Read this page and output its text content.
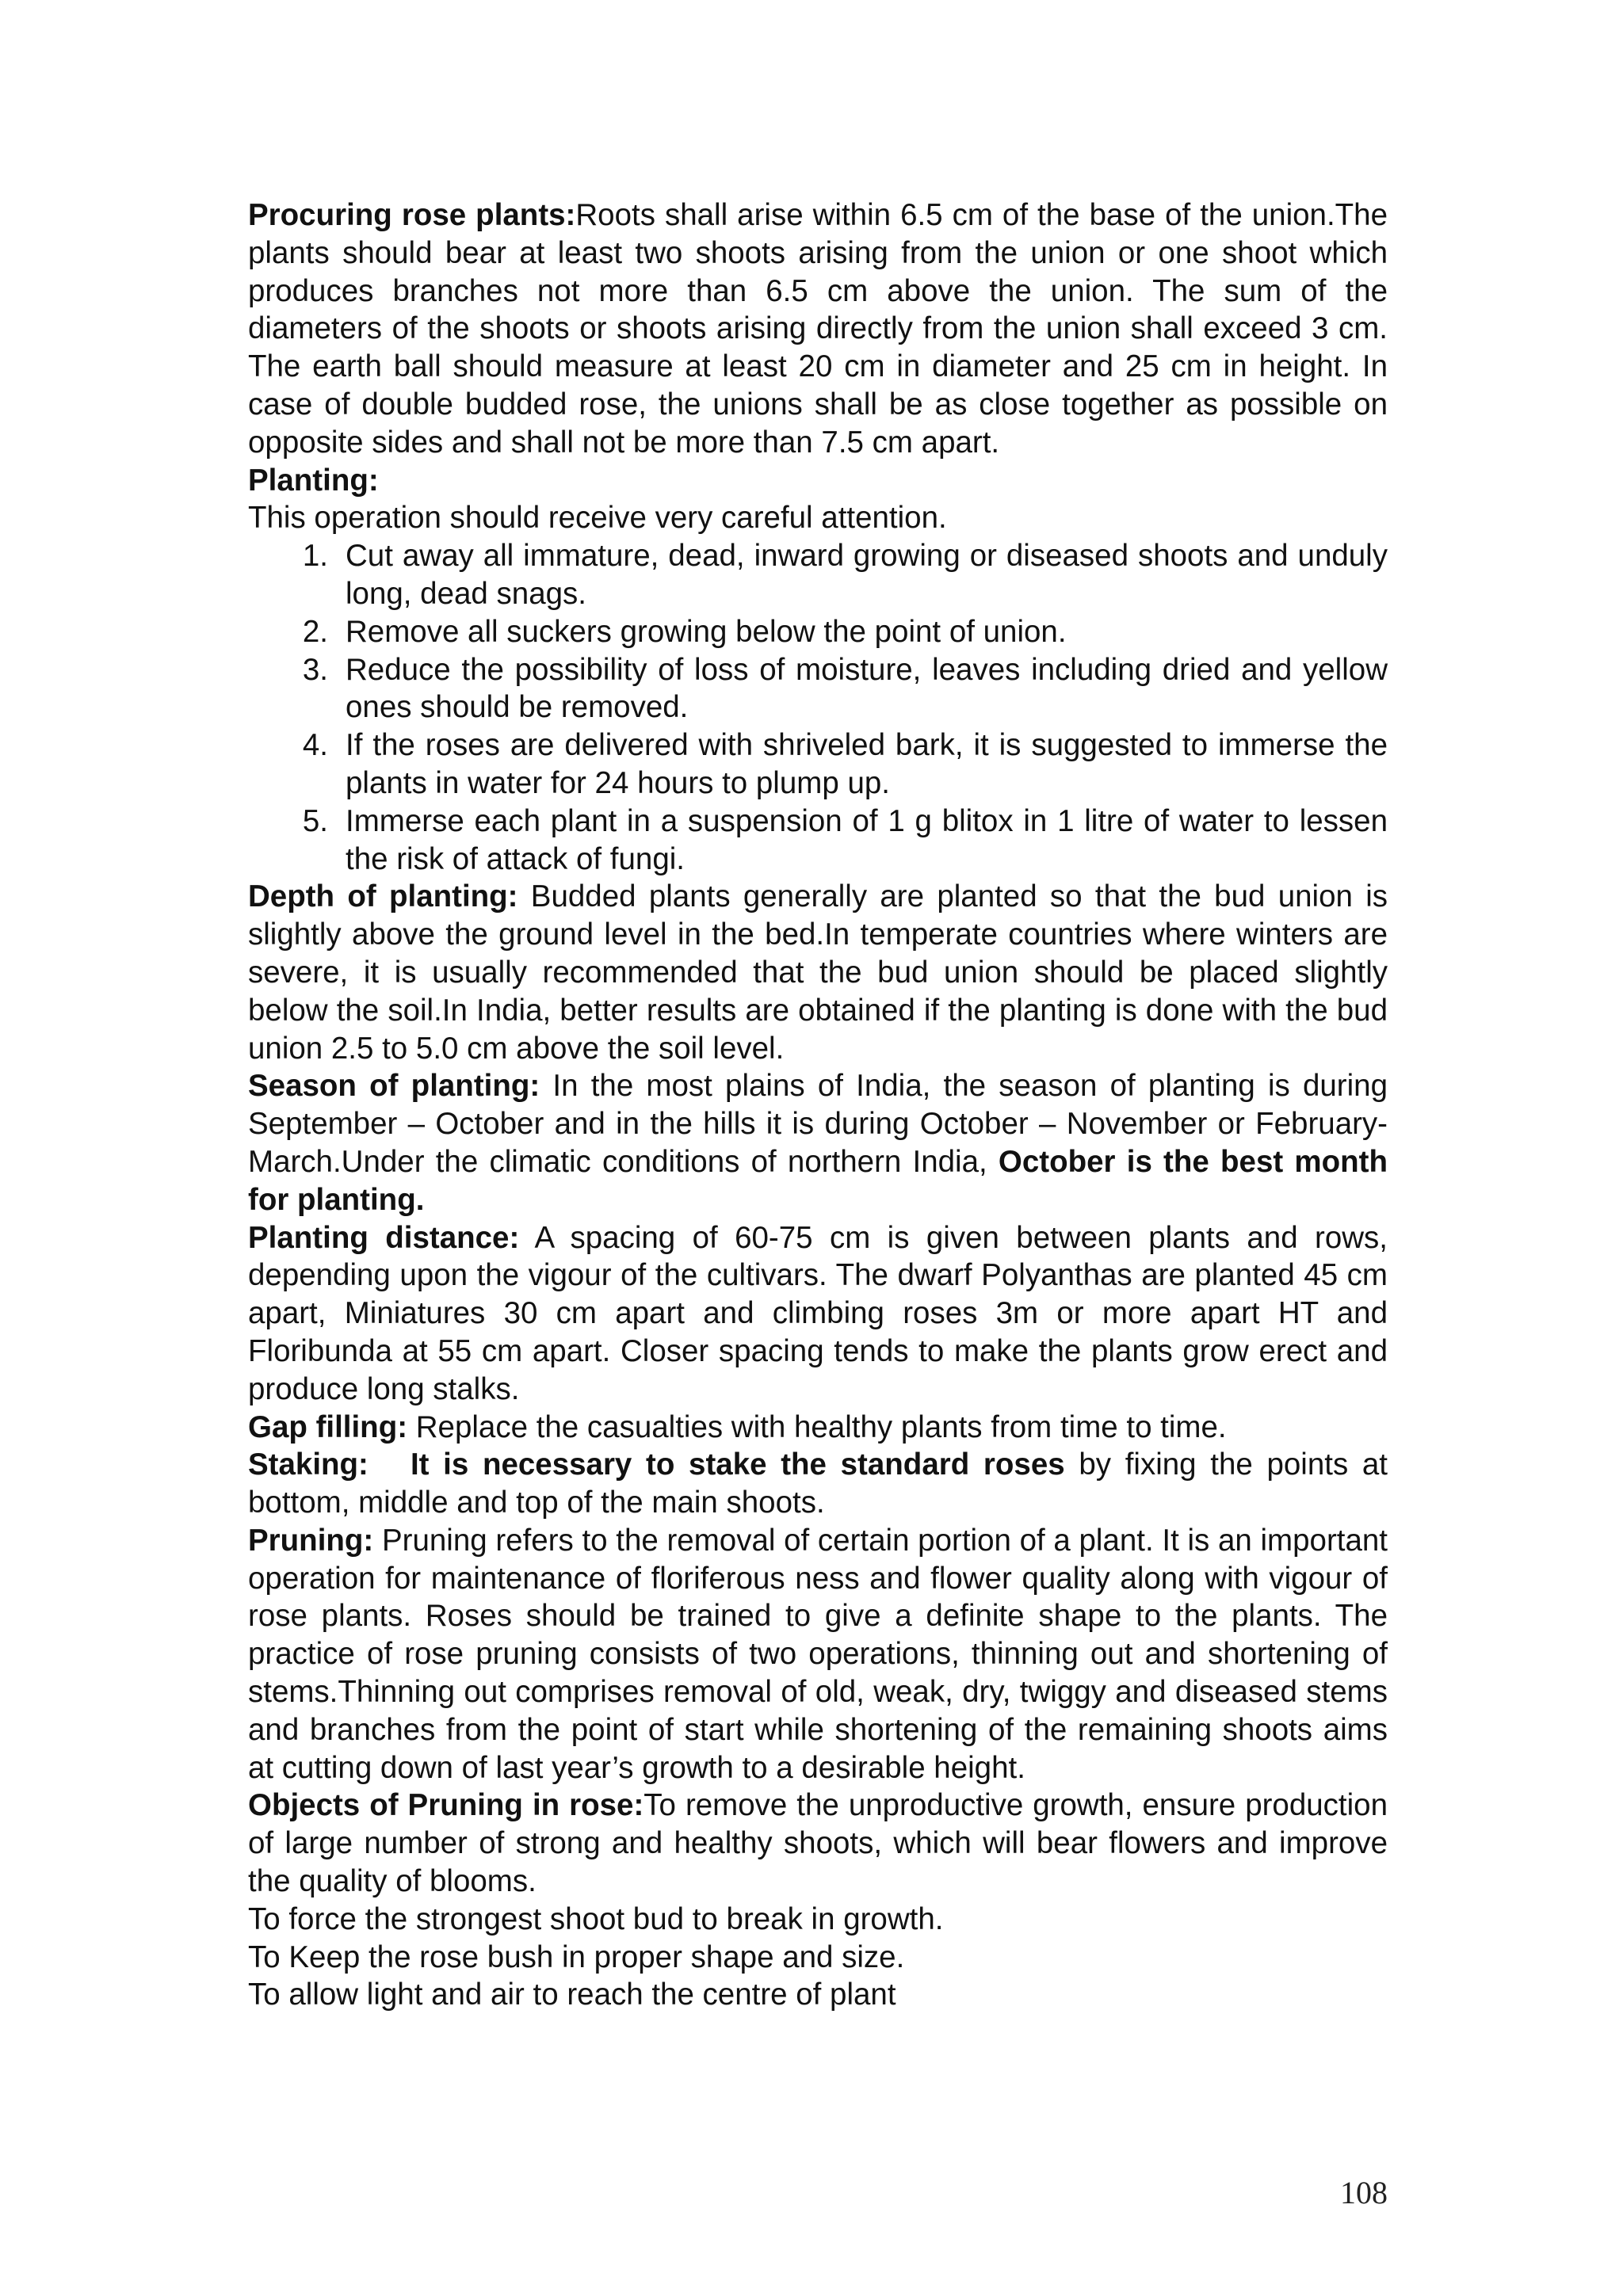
Procuring rose plants:Roots shall arise within 6.5 cm of the base of the union.The plants should bear at least two shoots arising from the union or one shoot which produces branches not more than 6.5 cm above the union. The sum of the diameters of the shoots or shoots arising directly from the union shall exceed 3 cm. The earth ball should measure at least 20 cm in diameter and 25 cm in height. In case of double budded rose, the unions shall be as close together as possible on opposite sides and shall not be more than 7.5 cm apart.

Planting:

This operation should receive very careful attention.

1. Cut away all immature, dead, inward growing or diseased shoots and unduly long, dead snags.
2. Remove all suckers growing below the point of union.
3. Reduce the possibility of loss of moisture, leaves including dried and yellow ones should be removed.
4. If the roses are delivered with shriveled bark, it is suggested to immerse the plants in water for 24 hours to plump up.
5. Immerse each plant in a suspension of 1 g blitox in 1 litre of water to lessen the risk of attack of fungi.

Depth of planting: Budded plants generally are planted so that the bud union is slightly above the ground level in the bed.In temperate countries where winters are severe, it is usually recommended that the bud union should be placed slightly below the soil.In India, better results are obtained if the planting is done with the bud union 2.5 to 5.0 cm above the soil level.

Season of planting: In the most plains of India, the season of planting is during September – October and in the hills it is during October – November or February-March.Under the climatic conditions of northern India, October is the best month for planting.

Planting distance: A spacing of 60-75 cm is given between plants and rows, depending upon the vigour of the cultivars. The dwarf Polyanthas are planted 45 cm apart, Miniatures 30 cm apart and climbing roses 3m or more apart HT and Floribunda at 55 cm apart. Closer spacing tends to make the plants grow erect and produce long stalks.

Gap filling: Replace the casualties with healthy plants from time to time.

Staking: It is necessary to stake the standard roses by fixing the points at bottom, middle and top of the main shoots.

Pruning: Pruning refers to the removal of certain portion of a plant. It is an important operation for maintenance of floriferous ness and flower quality along with vigour of rose plants. Roses should be trained to give a definite shape to the plants. The practice of rose pruning consists of two operations, thinning out and shortening of stems.Thinning out comprises removal of old, weak, dry, twiggy and diseased stems and branches from the point of start while shortening of the remaining shoots aims at cutting down of last year’s growth to a desirable height.

Objects of Pruning in rose:To remove the unproductive growth, ensure production of large number of strong and healthy shoots, which will bear flowers and improve the quality of blooms.

To force the strongest shoot bud to break in growth.

To Keep the rose bush in proper shape and size.

To allow light and air to reach the centre of plant

108
